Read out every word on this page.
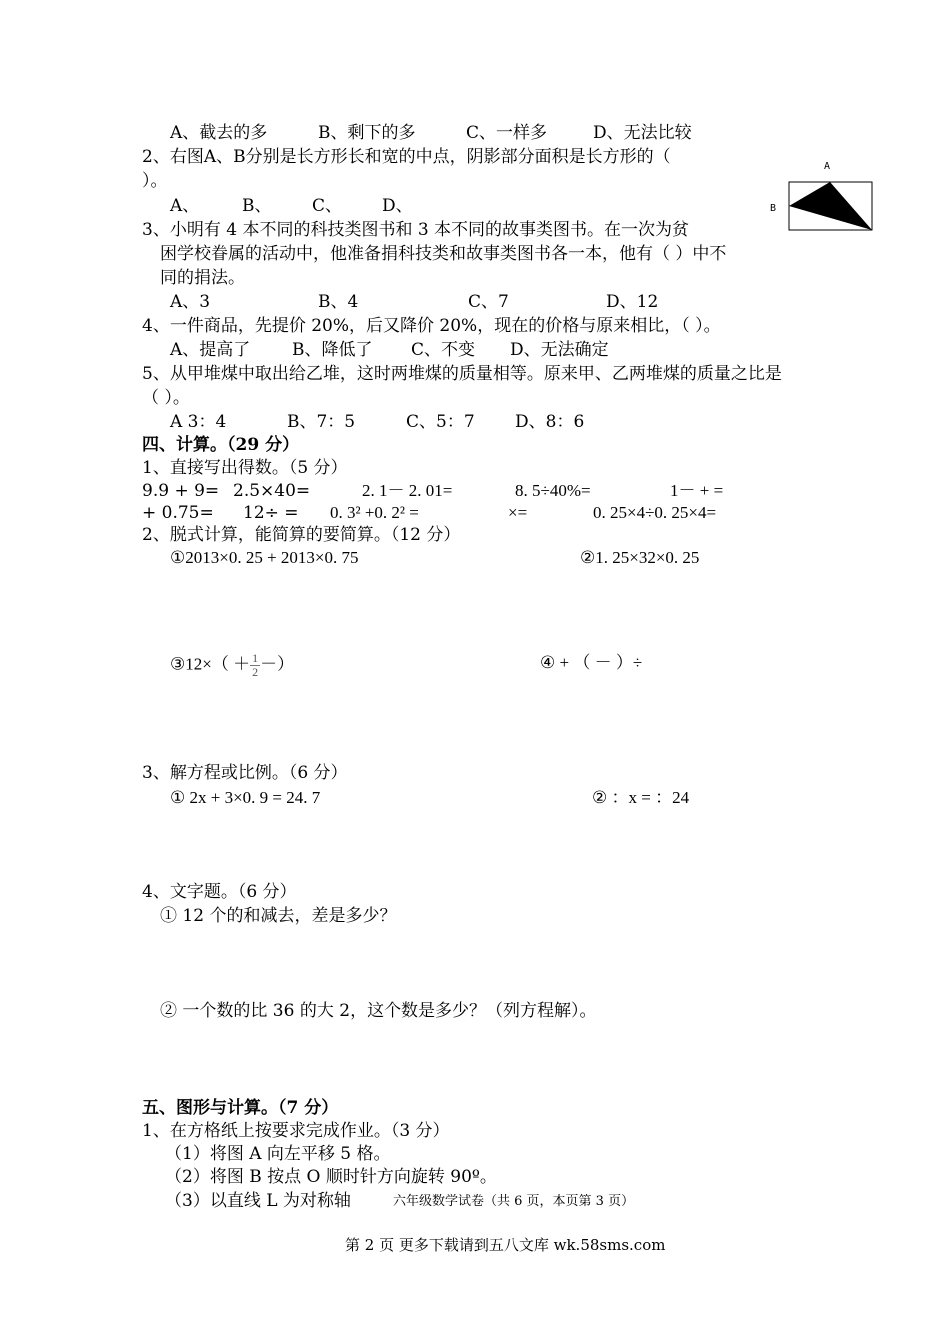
A、截去的多	B、剩下的多	C、一样多	D、无法比较
2、右图A、B分别是长方形长和宽的中点，阴影部分面积是长方形的（
）。
A、	B、 C、 D、
A
B
3、小明有 4 本不同的科技类图书和 3 本不同的故事类图书。在一次为贫
困学校眷属的活动中，他准备捐科技类和故事类图书各一本，他有（ ）中不
同的捐法。
A、3	B、4	C、7	D、12
4、一件商品，先提价 20%，后又降价 20%，现在的价格与原来相比，（ ）。
A、提高了 B、降低了 C、不变 D、无法确定
5、从甲堆煤中取出给乙堆，这时两堆煤的质量相等。原来甲、乙两堆煤的质量之比是
（ ）。
A 3：4	B、7：5	C、5：7 D、8：6
四、计算。（29 分）
1、直接写出得数。（5 分）
9.9 + 9= 2.5×40=	2. 1－ 2. 01=	8. 5÷40%=	1－ + =
+ 0.75= 12÷ = 0. 3² +0. 2² =	×=	0. 25×4÷0. 25×4=
2、脱式计算，能简算的要简算。（12 分）
①2013×0. 25 + 2013×0. 75	②1. 25×32×0. 25
③12×（ ＋ $\frac{1}{2}$ －）	④ + （ － ）÷
3、解方程或比例。（6 分）
① 2x + 3×0. 9 = 24. 7	② ：x = ：24
4、文字题。（6 分）
① 12 个的和减去，差是多少？
② 一个数的比 36 的大 2，这个数是多少？（列方程解）。
五、图形与计算。（7 分）
1、在方格纸上按要求完成作业。（3 分）
（1）将图 A 向左平移 5 格。
（2）将图 B 按点 O 顺时针方向旋转 90º。
（3）以直线 L 为对称轴	六年级数学试卷（共 6 页，本页第 3 页）
第 2 页 更多下载请到五八文库 wk.58sms.com
